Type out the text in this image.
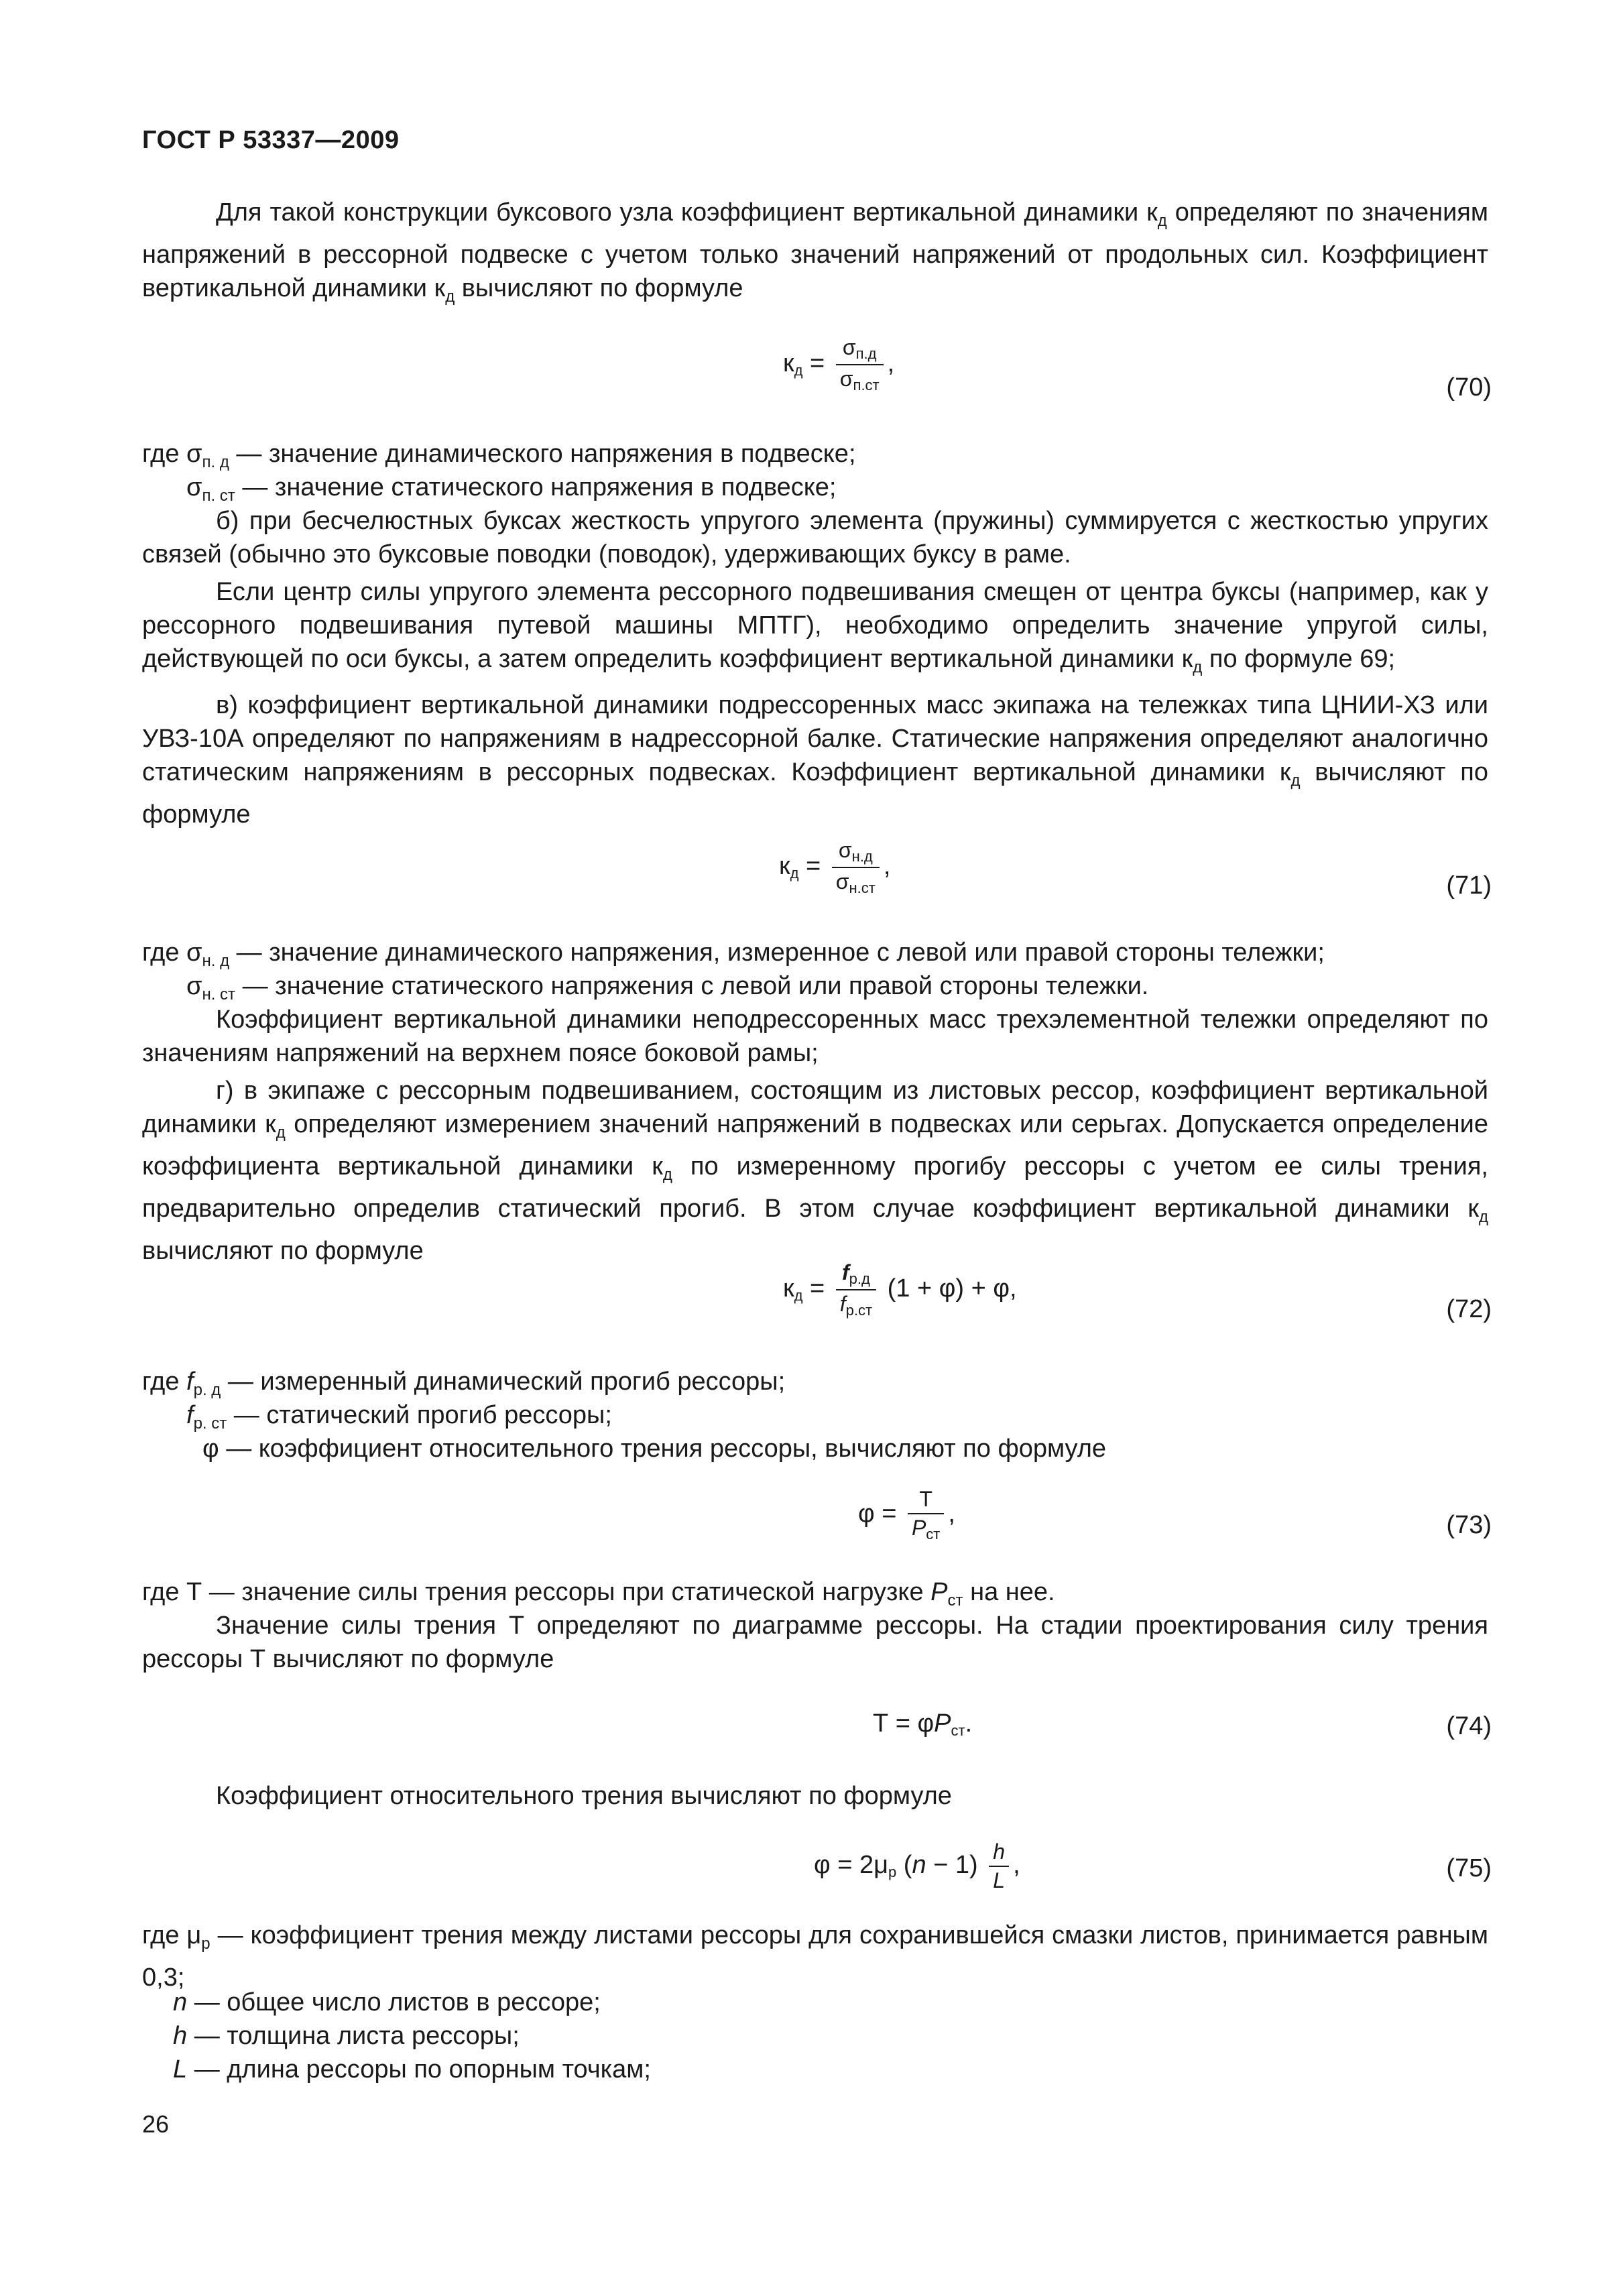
ГОСТ Р 53337—2009

Для такой конструкции буксового узла коэффициент вертикальной динамики $к_д$ определяют по значениям напряжений в рессорной подвеске с учетом только значений напряжений от продольных сил. Коэффициент вертикальной динамики $к_д$ вычисляют по формуле

кд = $\frac{\sigma п.д}{\sigma п.ст}$ ,
(70)
где $\sigma_{п. д}$ — значение динамического напряжения в подвеске;
$\sigma_{п. ст}$ — значение статического напряжения в подвеске;

б) при бесчелюстных буксах жесткость упругого элемента (пружины) суммируется с жесткостью упругих связей (обычно это буксовые поводки (поводок), удерживающих буксу в раме.

Если центр силы упругого элемента рессорного подвешивания смещен от центра буксы (например, как у рессорного подвешивания путевой машины МПТГ), необходимо определить значение упругой силы, действующей по оси буксы, а затем определить коэффициент вертикальной динамики $к_д$ по формуле 69;

в) коэффициент вертикальной динамики подрессоренных масс экипажа на тележках типа ЦНИИ-ХЗ или УВЗ-10А определяют по напряжениям в надрессорной балке. Статические напряжения определяют аналогично статическим напряжениям в рессорных подвесках. Коэффициент вертикальной динамики $к_д$ вычисляют по формуле

кд = $\frac{\sigma н.д}{\sigma н.ст}$ ,
(71)
где $\sigma_{н. д}$ — значение динамического напряжения, измеренное с левой или правой стороны тележки;
$\sigma_{н. ст}$ — значение статического напряжения с левой или правой стороны тележки.

Коэффициент вертикальной динамики неподрессоренных масс трехэлементной тележки определяют по значениям напряжений на верхнем поясе боковой рамы;

г) в экипаже с рессорным подвешиванием, состоящим из листовых рессор, коэффициент вертикальной динамики $к_д$ определяют измерением значений напряжений в подвесках или серьгах. Допускается определение коэффициента вертикальной динамики $к_д$ по измеренному прогибу рессоры с учетом ее силы трения, предварительно определив статический прогиб. В этом случае коэффициент вертикальной динамики $к_д$ вычисляют по формуле

кд = $\frac{fр.д}{fр.ст} (1 + \varphi) + \varphi$,
(72)
где $f_{р. д}$ — измеренный динамический прогиб рессоры;
$f_{р. ст}$ — статический прогиб рессоры;
φ — коэффициент относительного трения рессоры, вычисляют по формуле
$\varphi = \frac{T}{\text{Pст}}$ ,	(73)
где Т — значение силы трения рессоры при статической нагрузке $P_{ст}$ на нее.

Значение силы трения Т определяют по диаграмме рессоры. На стадии проектирования силу трения рессоры Т вычисляют по формуле

Т = φPст.	(74)

Коэффициент относительного трения вычисляют по формуле

φ = 2μр $(n - 1) \frac{h}{L}$ ,	(75)

где $\mu_р$ — коэффициент трения между листами рессоры для сохранившейся смазки листов, принимается равным 0,3;

n — общее число листов в рессоре;
h — толщина листа рессоры;
L — длина рессоры по опорным точкам;
26
